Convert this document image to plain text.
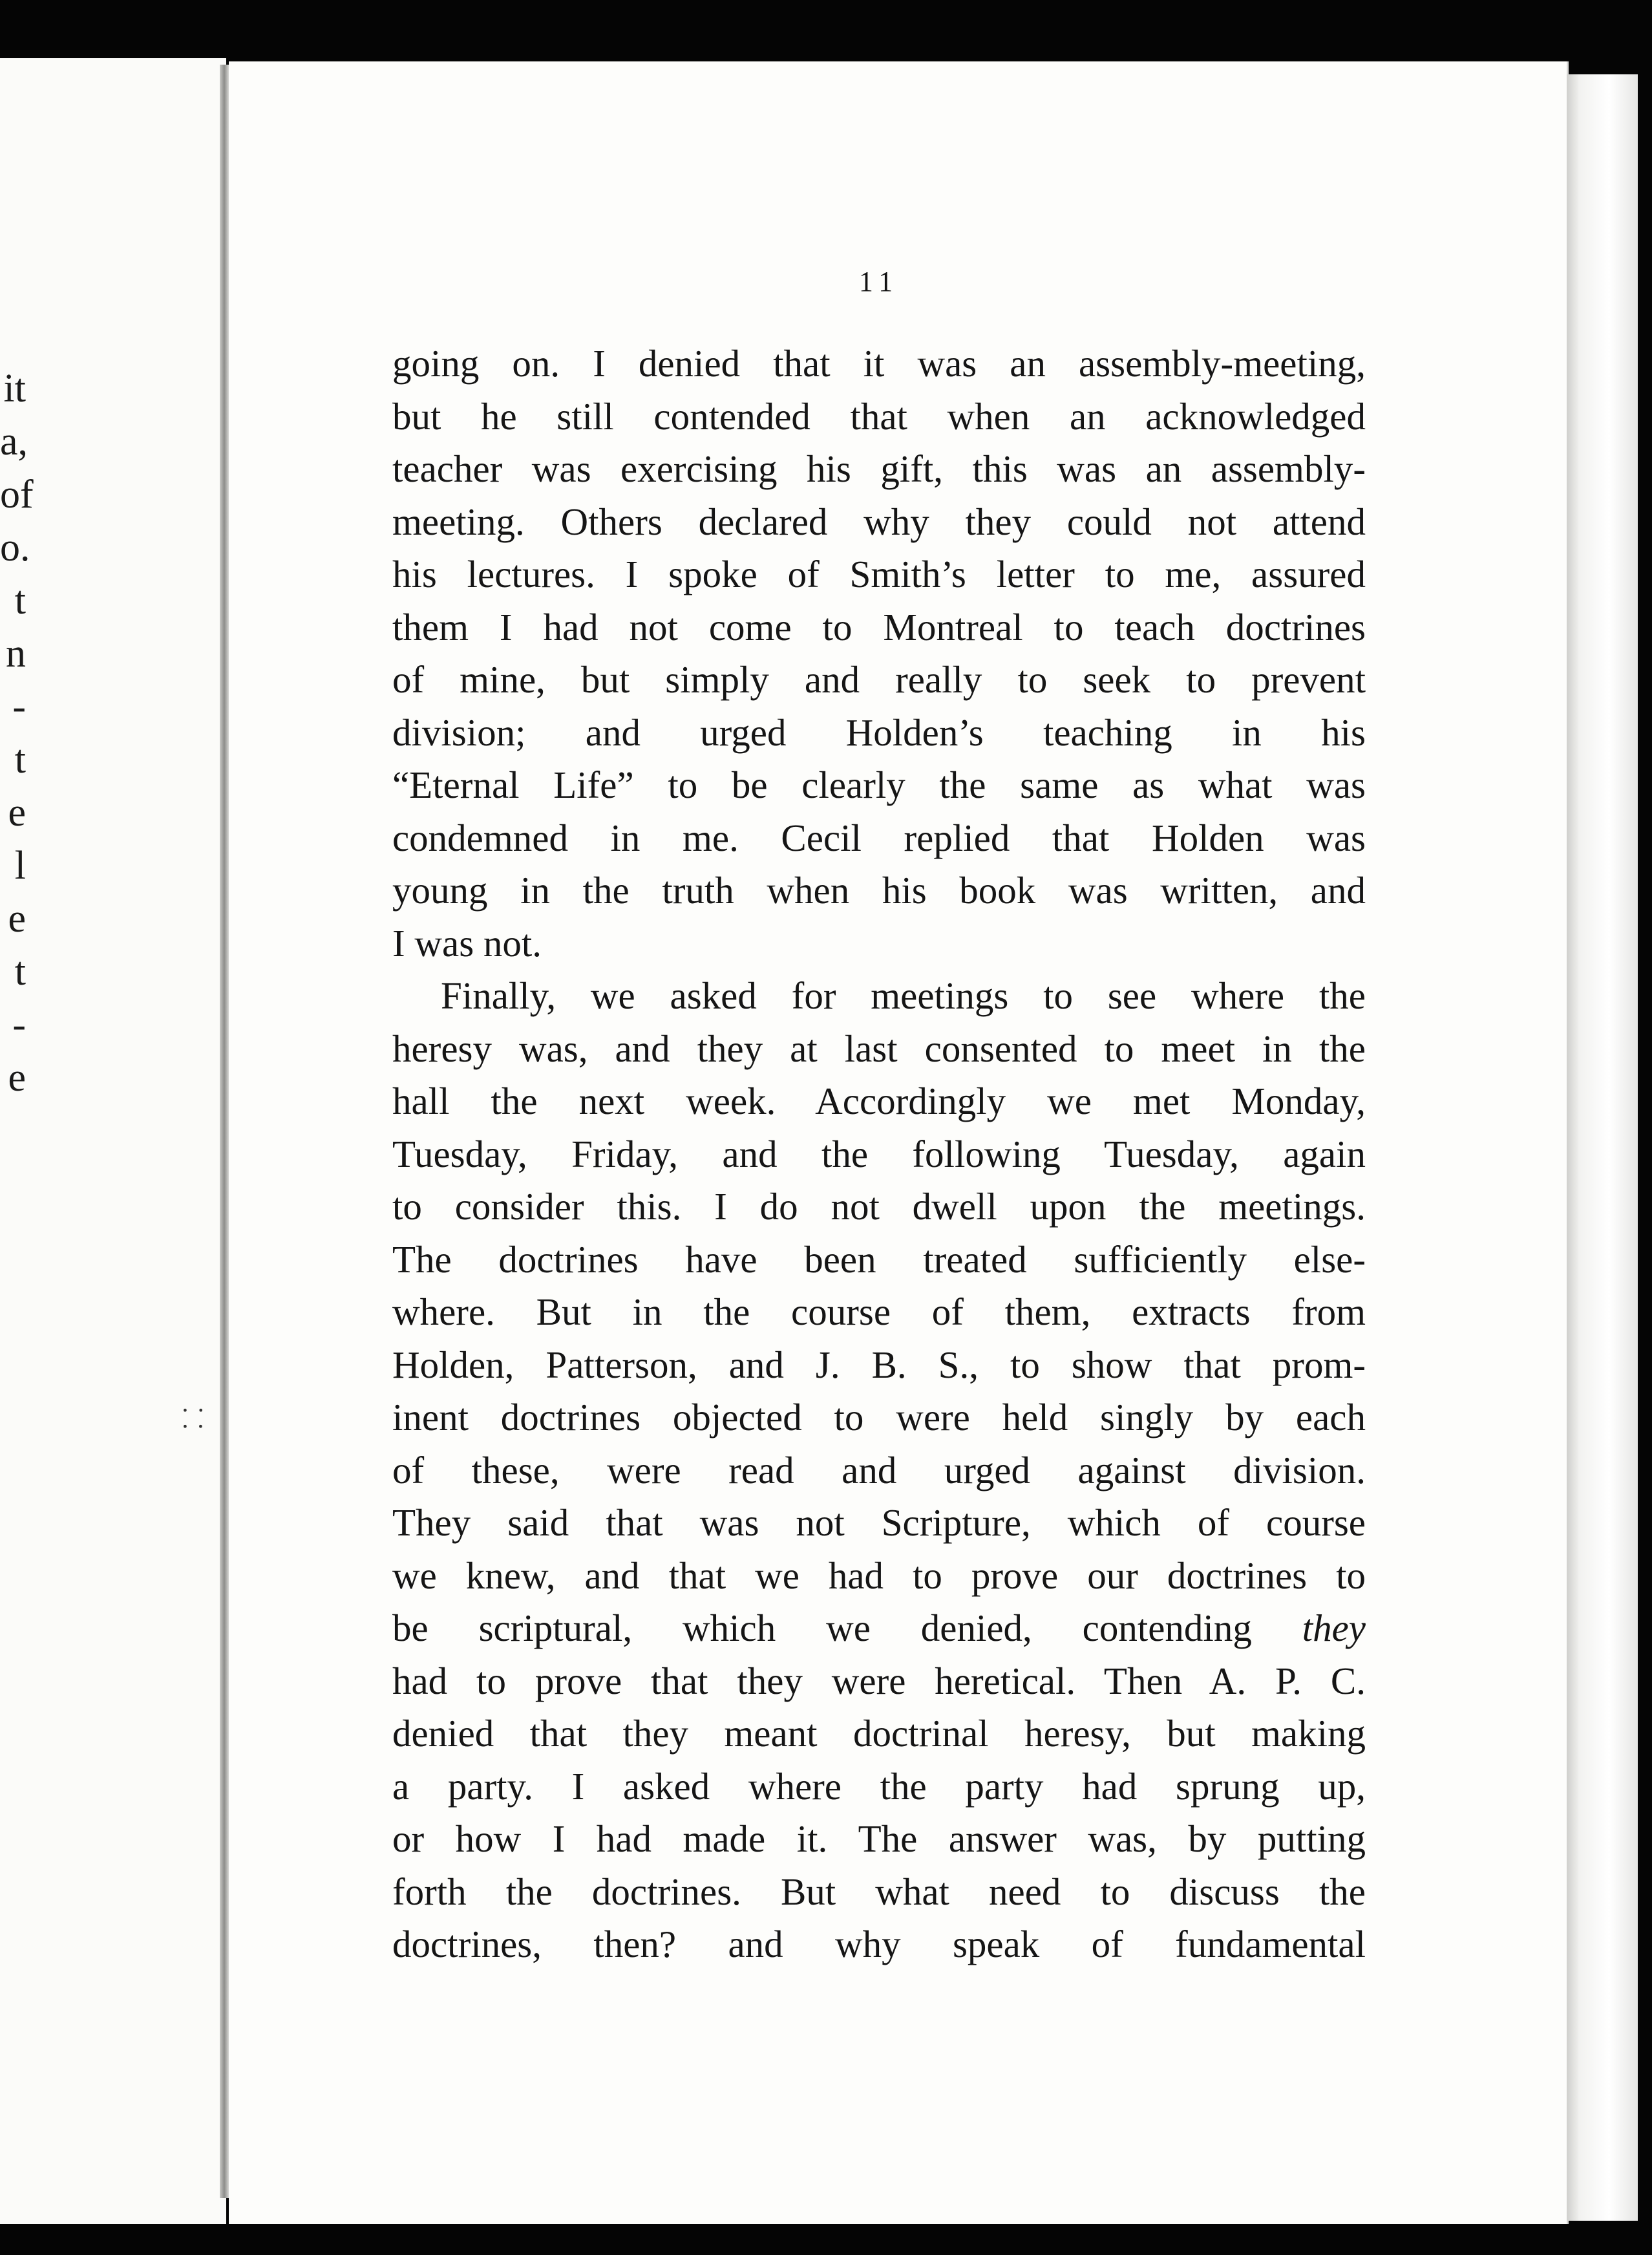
it
a,
of
o.
t
n
-
t
e
l
e
t
-
e
⸬
11
going on. I denied that it was an assembly-meeting,
but he still contended that when an acknowledged
teacher was exercising his gift, this was an assembly-
meeting. Others declared why they could not attend
his lectures. I spoke of Smith’s letter to me, assured
them I had not come to Montreal to teach doctrines
of mine, but simply and really to seek to prevent
division; and urged Holden’s teaching in his
“Eternal Life” to be clearly the same as what was
condemned in me. Cecil replied that Holden was
young in the truth when his book was written, and
I was not.
Finally, we asked for meetings to see where the
heresy was, and they at last consented to meet in the
hall the next week. Accordingly we met Monday,
Tuesday, Friday, and the following Tuesday, again
to consider this. I do not dwell upon the meetings.
The doctrines have been treated sufficiently else-
where. But in the course of them, extracts from
Holden, Patterson, and J. B. S., to show that prom-
inent doctrines objected to were held singly by each
of these, were read and urged against division.
They said that was not Scripture, which of course
we knew, and that we had to prove our doctrines to
be scriptural, which we denied, contending they
had to prove that they were heretical. Then A. P. C.
denied that they meant doctrinal heresy, but making
a party. I asked where the party had sprung up,
or how I had made it. The answer was, by putting
forth the doctrines. But what need to discuss the
doctrines, then? and why speak of fundamental
